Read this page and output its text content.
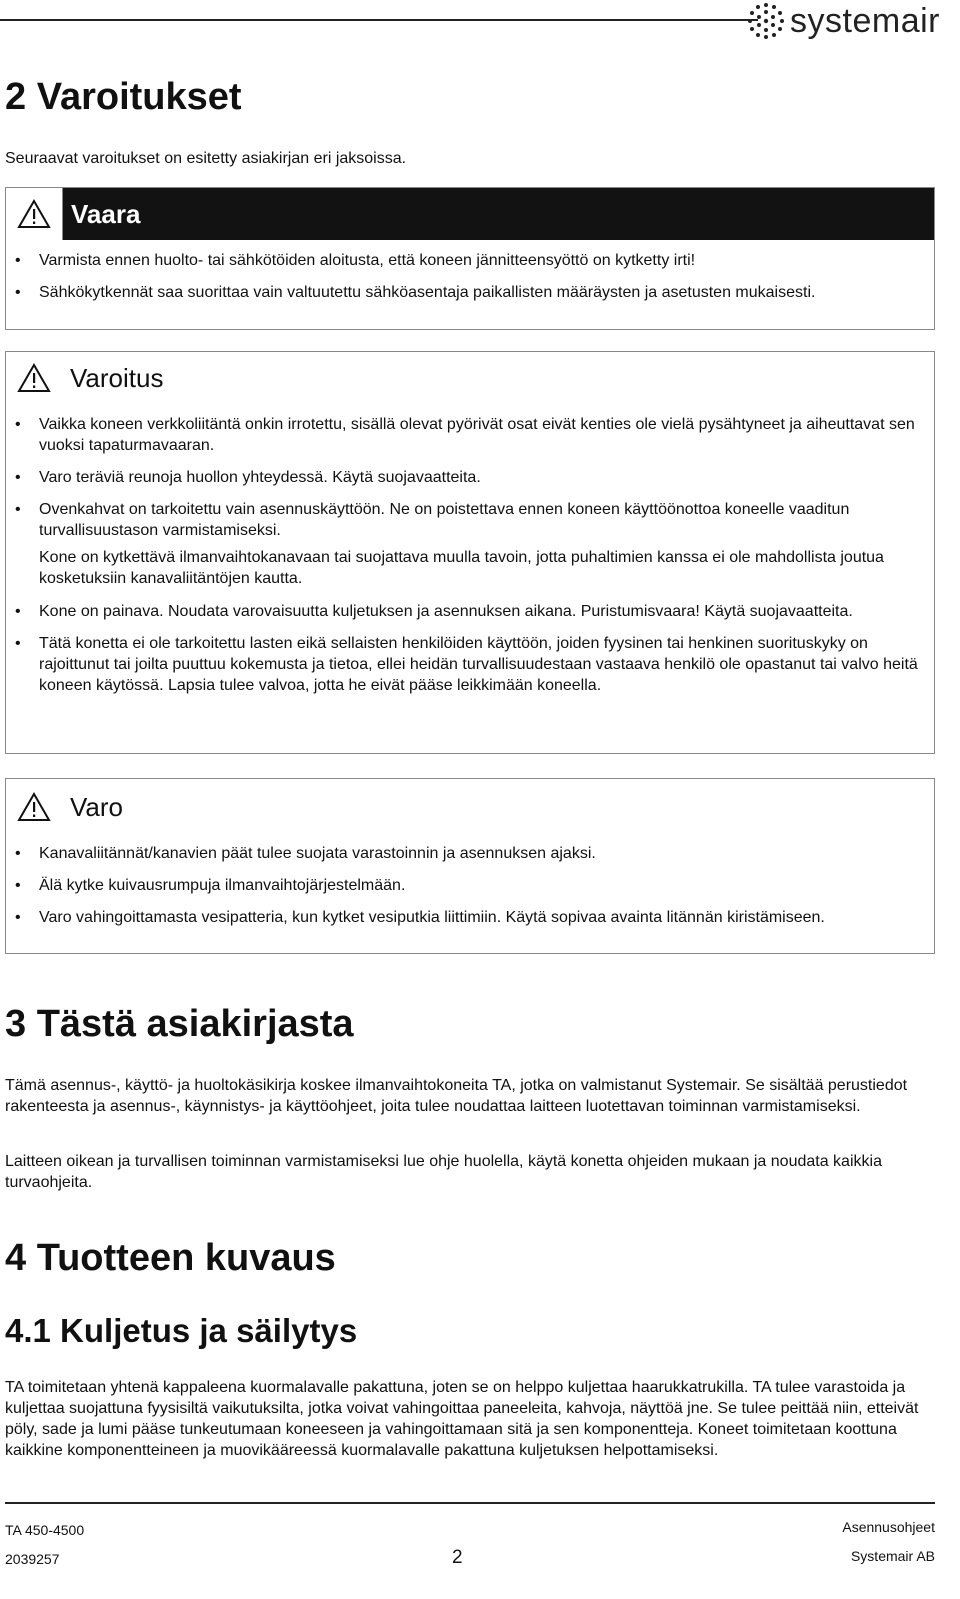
systemair
2 Varoitukset

Seuraavat varoitukset on esitetty asiakirjan eri jaksoissa.

Vaara
• Varmista ennen huolto- tai sähkötöiden aloitusta, että koneen jännitteensyöttö on kytketty irti!
• Sähkökytkennät saa suorittaa vain valtuutettu sähköasentaja paikallisten määräysten ja asetusten mukaisesti.
Varoitus
• Vaikka koneen verkkoliitäntä onkin irrotettu, sisällä olevat pyörivät osat eivät kenties ole vielä pysähtyneet ja aiheuttavat sen vuoksi tapaturmavaaran.
• Varo teräviä reunoja huollon yhteydessä. Käytä suojavaatteita.
• Ovenkahvat on tarkoitettu vain asennuskäyttöön. Ne on poistettava ennen koneen käyttöönottoa koneelle vaaditun turvallisuustason varmistamiseksi.
Kone on kytkettävä ilmanvaihtokanavaan tai suojattava muulla tavoin, jotta puhaltimien kanssa ei ole mahdollista joutua kosketuksiin kanavaliitäntöjen kautta.
• Kone on painava. Noudata varovaisuutta kuljetuksen ja asennuksen aikana. Puristumisvaara! Käytä suojavaatteita.
• Tätä konetta ei ole tarkoitettu lasten eikä sellaisten henkilöiden käyttöön, joiden fyysinen tai henkinen suorituskyky on rajoittunut tai joilta puuttuu kokemusta ja tietoa, ellei heidän turvallisuudestaan vastaava henkilö ole opastanut tai valvo heitä koneen käytössä. Lapsia tulee valvoa, jotta he eivät pääse leikkimään koneella.
Varo
• Kanavaliitännät/kanavien päät tulee suojata varastoinnin ja asennuksen ajaksi.
• Älä kytke kuivausrumpuja ilmanvaihtojärjestelmään.
• Varo vahingoittamasta vesipatteria, kun kytket vesiputkia liittimiin. Käytä sopivaa avainta litännän kiristämiseen.
3 Tästä asiakirjasta

Tämä asennus-, käyttö- ja huoltokäsikirja koskee ilmanvaihtokoneita TA, jotka on valmistanut Systemair. Se sisältää perustiedot rakenteesta ja asennus-, käynnistys- ja käyttöohjeet, joita tulee noudattaa laitteen luotettavan toiminnan varmistamiseksi.

Laitteen oikean ja turvallisen toiminnan varmistamiseksi lue ohje huolella, käytä konetta ohjeiden mukaan ja noudata kaikkia turvaohjeita.

4 Tuotteen kuvaus
4.1 Kuljetus ja säilytys

TA toimitetaan yhtenä kappaleena kuormalavalle pakattuna, joten se on helppo kuljettaa haarukkatrukilla. TA tulee varastoida ja kuljettaa suojattuna fyysisiltä vaikutuksilta, jotka voivat vahingoittaa paneeleita, kahvoja, näyttöä jne. Se tulee peittää niin, etteivät pöly, sade ja lumi pääse tunkeutumaan koneeseen ja vahingoittamaan sitä ja sen komponentteja. Koneet toimitetaan koottuna kaikkine komponentteineen ja muovikääreessä kuormalavalle pakattuna kuljetuksen helpottamiseksi.

TA 450-4500
2039257	2
Asennusohjeet
Systemair AB
